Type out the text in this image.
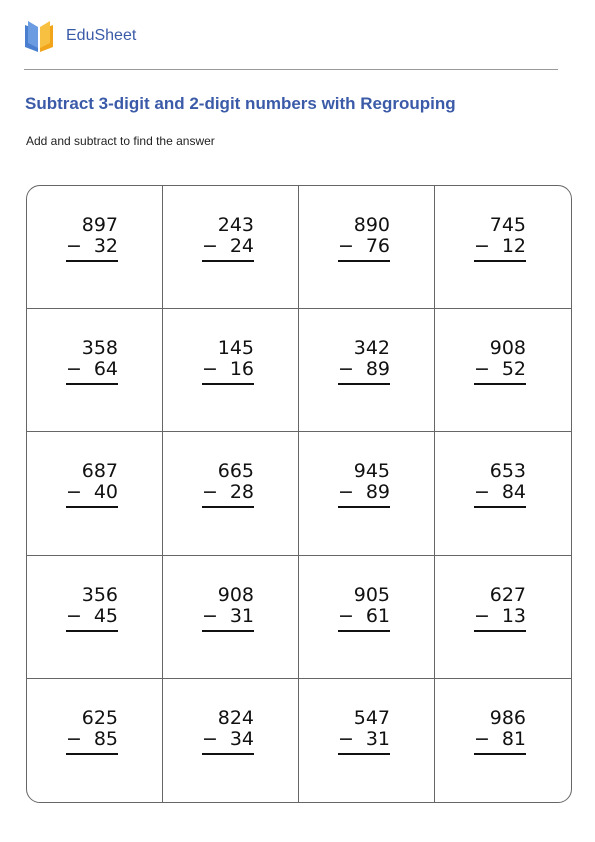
EduSheet
Subtract 3-digit and 2-digit numbers with Regrouping

Add and subtract to find the answer

897
− 32
243
− 24
890
− 76
745
− 12
358
− 64
145
− 16
342
− 89
908
− 52
687
− 40
665
− 28
945
− 89
653
− 84
356
− 45
908
− 31
905
− 61
627
− 13
625
− 85
824
− 34
547
− 31
986
− 81
